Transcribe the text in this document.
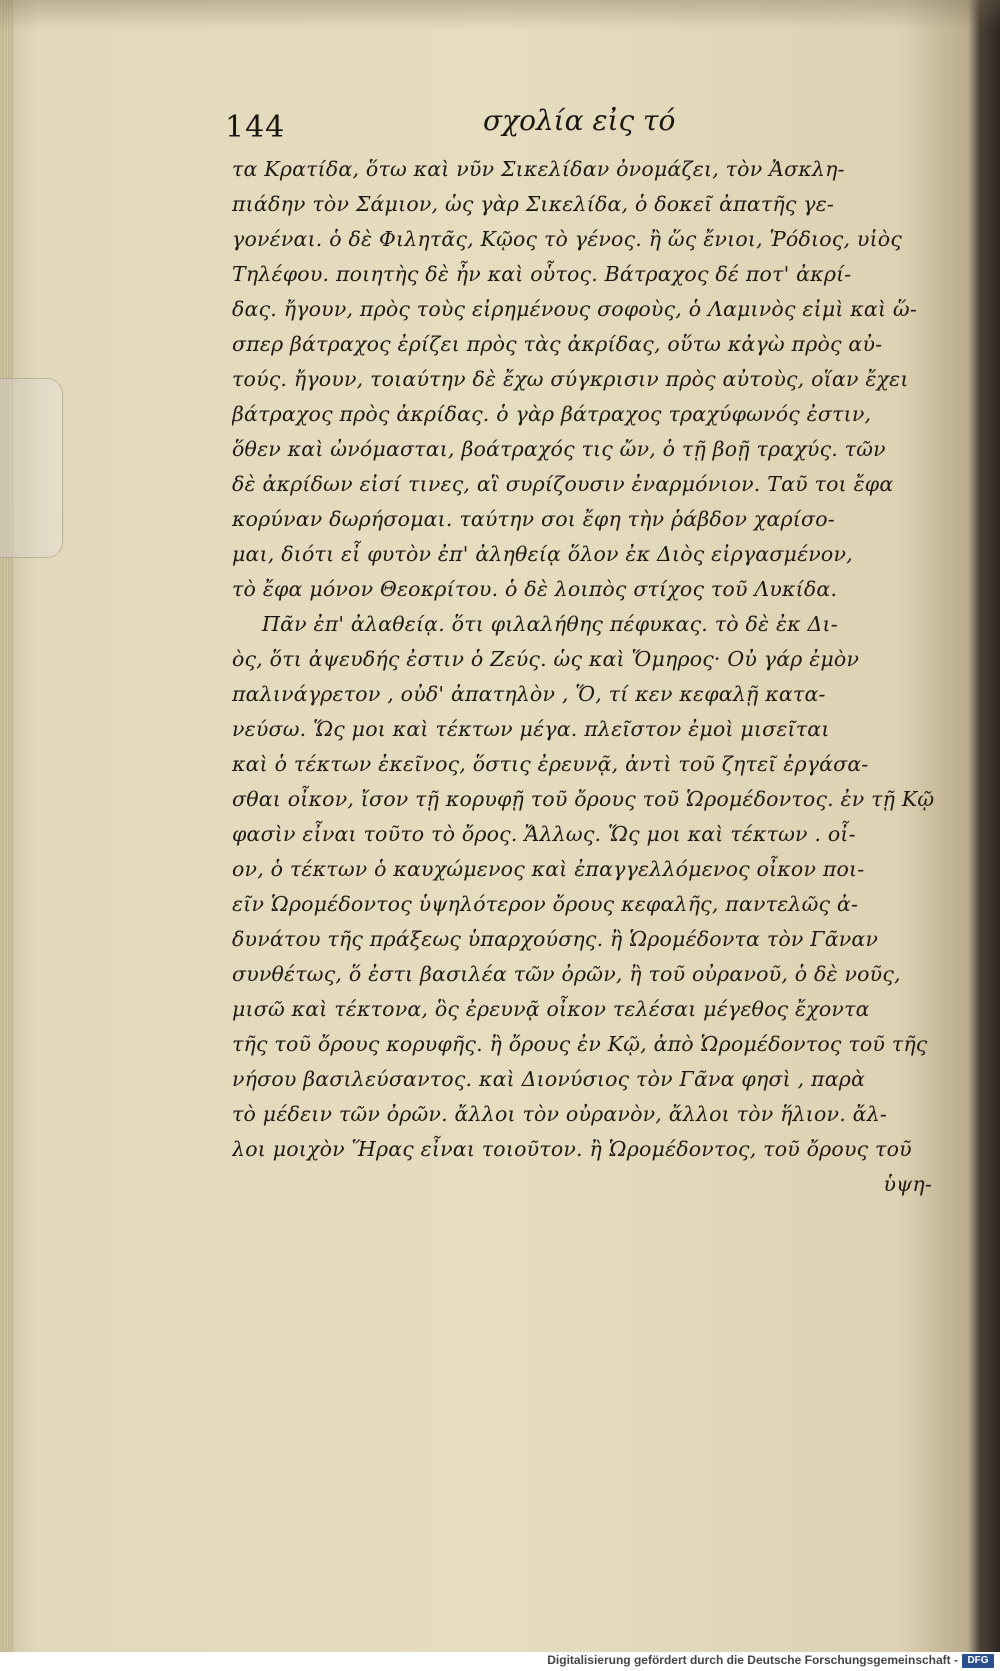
144	σχολία εἰς τό
τα Κρατίδα, ὅτω καὶ νῦν Σικελίδαν ὀνομάζει, τὸν Ἀσκλη-
πιάδην τὸν Σάμιον, ὡς γὰρ Σικελίδα, ὁ δοκεῖ ἀπατῆς γε-
γονέναι. ὁ δὲ Φιλητᾶς, Κῷος τὸ γένος. ἢ ὥς ἔνιοι, Ῥόδιος, υἱὸς
Τηλέφου. ποιητὴς δὲ ἦν καὶ οὗτος. Βάτραχος δέ ποτ' ἀκρί-
δας. ἤγουν, πρὸς τοὺς εἰρημένους σοφοὺς, ὁ Λαμινὸς εἰμὶ καὶ ὥ-
σπερ βάτραχος ἐρίζει πρὸς τὰς ἀκρίδας, οὕτω κἀγὼ πρὸς αὐ-
τούς. ἤγουν, τοιαύτην δὲ ἔχω σύγκρισιν πρὸς αὐτοὺς, οἵαν ἔχει
βάτραχος πρὸς ἀκρίδας. ὁ γὰρ βάτραχος τραχύφωνός ἐστιν,
ὅθεν καὶ ὠνόμασται, βοάτραχός τις ὤν, ὁ τῇ βοῇ τραχύς. τῶν
δὲ ἀκρίδων εἰσί τινες, αἳ συρίζουσιν ἐναρμόνιον. Ταῦ τοι ἔφα
κορύναν δωρήσομαι. ταύτην σοι ἔφη τὴν ῥάβδον χαρίσο-
μαι, διότι εἶ φυτὸν ἐπ' ἀληθείᾳ ὅλον ἐκ Διὸς εἰργασμένον,
τὸ ἔφα μόνον Θεοκρίτου. ὁ δὲ λοιπὸς στίχος τοῦ Λυκίδα.
Πᾶν ἐπ' ἀλαθείᾳ. ὅτι φιλαλήθης πέφυκας. τὸ δὲ ἐκ Δι-
ὸς, ὅτι ἀψευδής ἐστιν ὁ Ζεύς. ὡς καὶ Ὅμηρος· Οὐ γάρ ἐμὸν
παλινάγρετον , οὐδ' ἀπατηλὸν , Ὅ, τί κεν κεφαλῇ κατα-
νεύσω. Ὥς μοι καὶ τέκτων μέγα. πλεῖστον ἐμοὶ μισεῖται
καὶ ὁ τέκτων ἐκεῖνος, ὅστις ἐρευνᾷ, ἀντὶ τοῦ ζητεῖ ἐργάσα-
σθαι οἶκον, ἴσον τῇ κορυφῇ τοῦ ὄρους τοῦ Ὡρομέδοντος. ἐν τῇ Κῷ
φασὶν εἶναι τοῦτο τὸ ὄρος. Ἄλλως. Ὥς μοι καὶ τέκτων . οἶ-
ον, ὁ τέκτων ὁ καυχώμενος καὶ ἐπαγγελλόμενος οἶκον ποι-
εῖν Ὡρομέδοντος ὑψηλότερον ὄρους κεφαλῆς, παντελῶς ἀ-
δυνάτου τῆς πράξεως ὑπαρχούσης. ἢ Ὡρομέδοντα τὸν Γᾶναν
συνθέτως, ὅ ἐστι βασιλέα τῶν ὀρῶν, ἢ τοῦ οὐρανοῦ, ὁ δὲ νοῦς,
μισῶ καὶ τέκτονα, ὃς ἐρευνᾷ οἶκον τελέσαι μέγεθος ἔχοντα
τῆς τοῦ ὄρους κορυφῆς. ἢ ὄρους ἐν Κῷ, ἀπὸ Ὡρομέδοντος τοῦ τῆς
νήσου βασιλεύσαντος. καὶ Διονύσιος τὸν Γᾶνα φησὶ , παρὰ
τὸ μέδειν τῶν ὀρῶν. ἄλλοι τὸν οὐρανὸν, ἄλλοι τὸν ἥλιον. ἄλ-
λοι μοιχὸν Ἥρας εἶναι τοιοῦτον. ἢ Ὡρομέδοντος, τοῦ ὄρους τοῦ
ὑψη-
Digitalisierung gefördert durch die Deutsche Forschungsgemeinschaft - DFG
